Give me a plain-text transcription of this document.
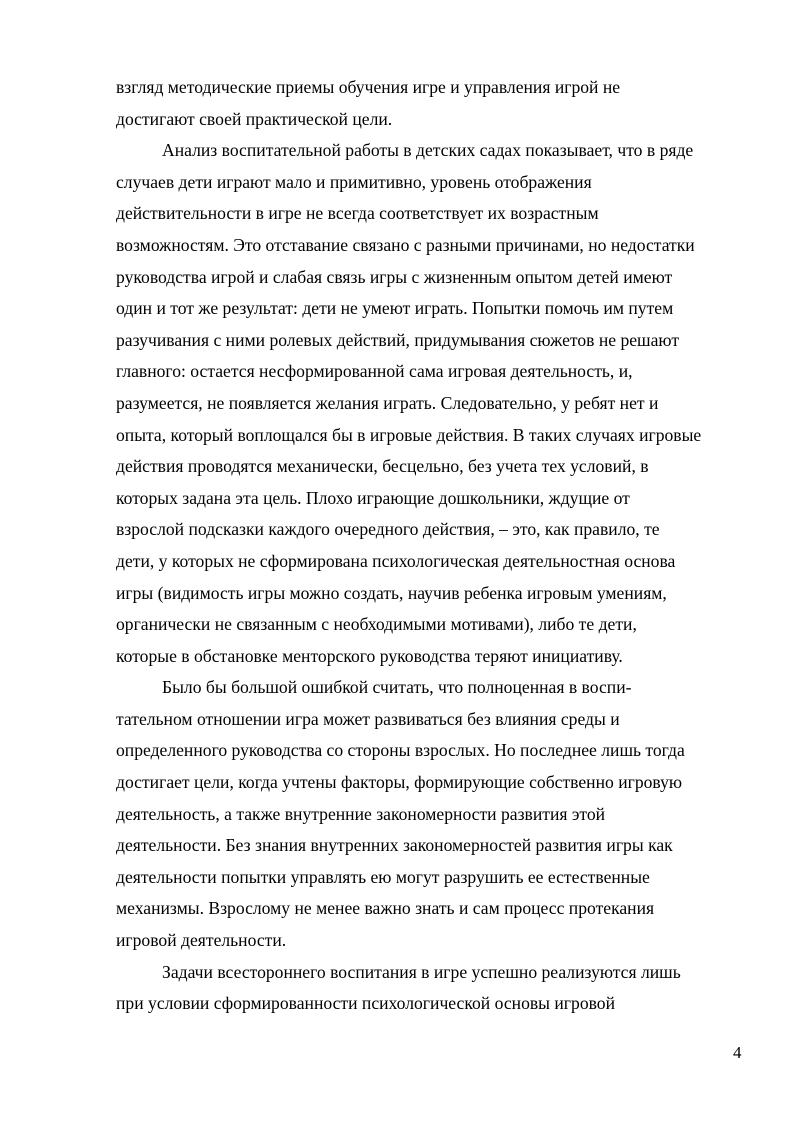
взгляд методические приемы обучения игре и управления игрой не
достигают своей практической цели.
Анализ воспитательной работы в детских садах показывает, что в ряде
случаев дети играют мало и примитивно, уровень отображения
действительности в игре не всегда соответствует их возрастным
возможностям. Это отставание связано с разными причинами, но недостатки
руководства игрой и слабая связь игры с жизненным опытом детей имеют
один и тот же результат: дети не умеют играть. Попытки помочь им путем
разучивания с ними ролевых действий, придумывания сюжетов не решают
главного: остается несформированной сама игровая деятельность, и,
разумеется, не появляется желания играть. Следовательно, у ребят нет и
опыта, который воплощался бы в игровые действия. В таких случаях игровые
действия проводятся механически, бесцельно, без учета тех условий, в
которых задана эта цель. Плохо играющие дошкольники, ждущие от
взрослой подсказки каждого очередного действия, – это, как правило, те
дети, у которых не сформирована психологическая деятельностная основа
игры (видимость игры можно создать, научив ребенка игровым умениям,
органически не связанным с необходимыми мотивами), либо те дети,
которые в обстановке менторского руководства теряют инициативу.
Было бы большой ошибкой считать, что полноценная в воспи-
тательном отношении игра может развиваться без влияния среды и
определенного руководства со стороны взрослых. Но последнее лишь тогда
достигает цели, когда учтены факторы, формирующие собственно игровую
деятельность, а также внутренние закономерности развития этой
деятельности. Без знания внутренних закономерностей развития игры как
деятельности попытки управлять ею могут разрушить ее естественные
механизмы. Взрослому не менее важно знать и сам процесс протекания
игровой деятельности.
Задачи всестороннего воспитания в игре успешно реализуются лишь
при условии сформированности психологической основы игровой
4
